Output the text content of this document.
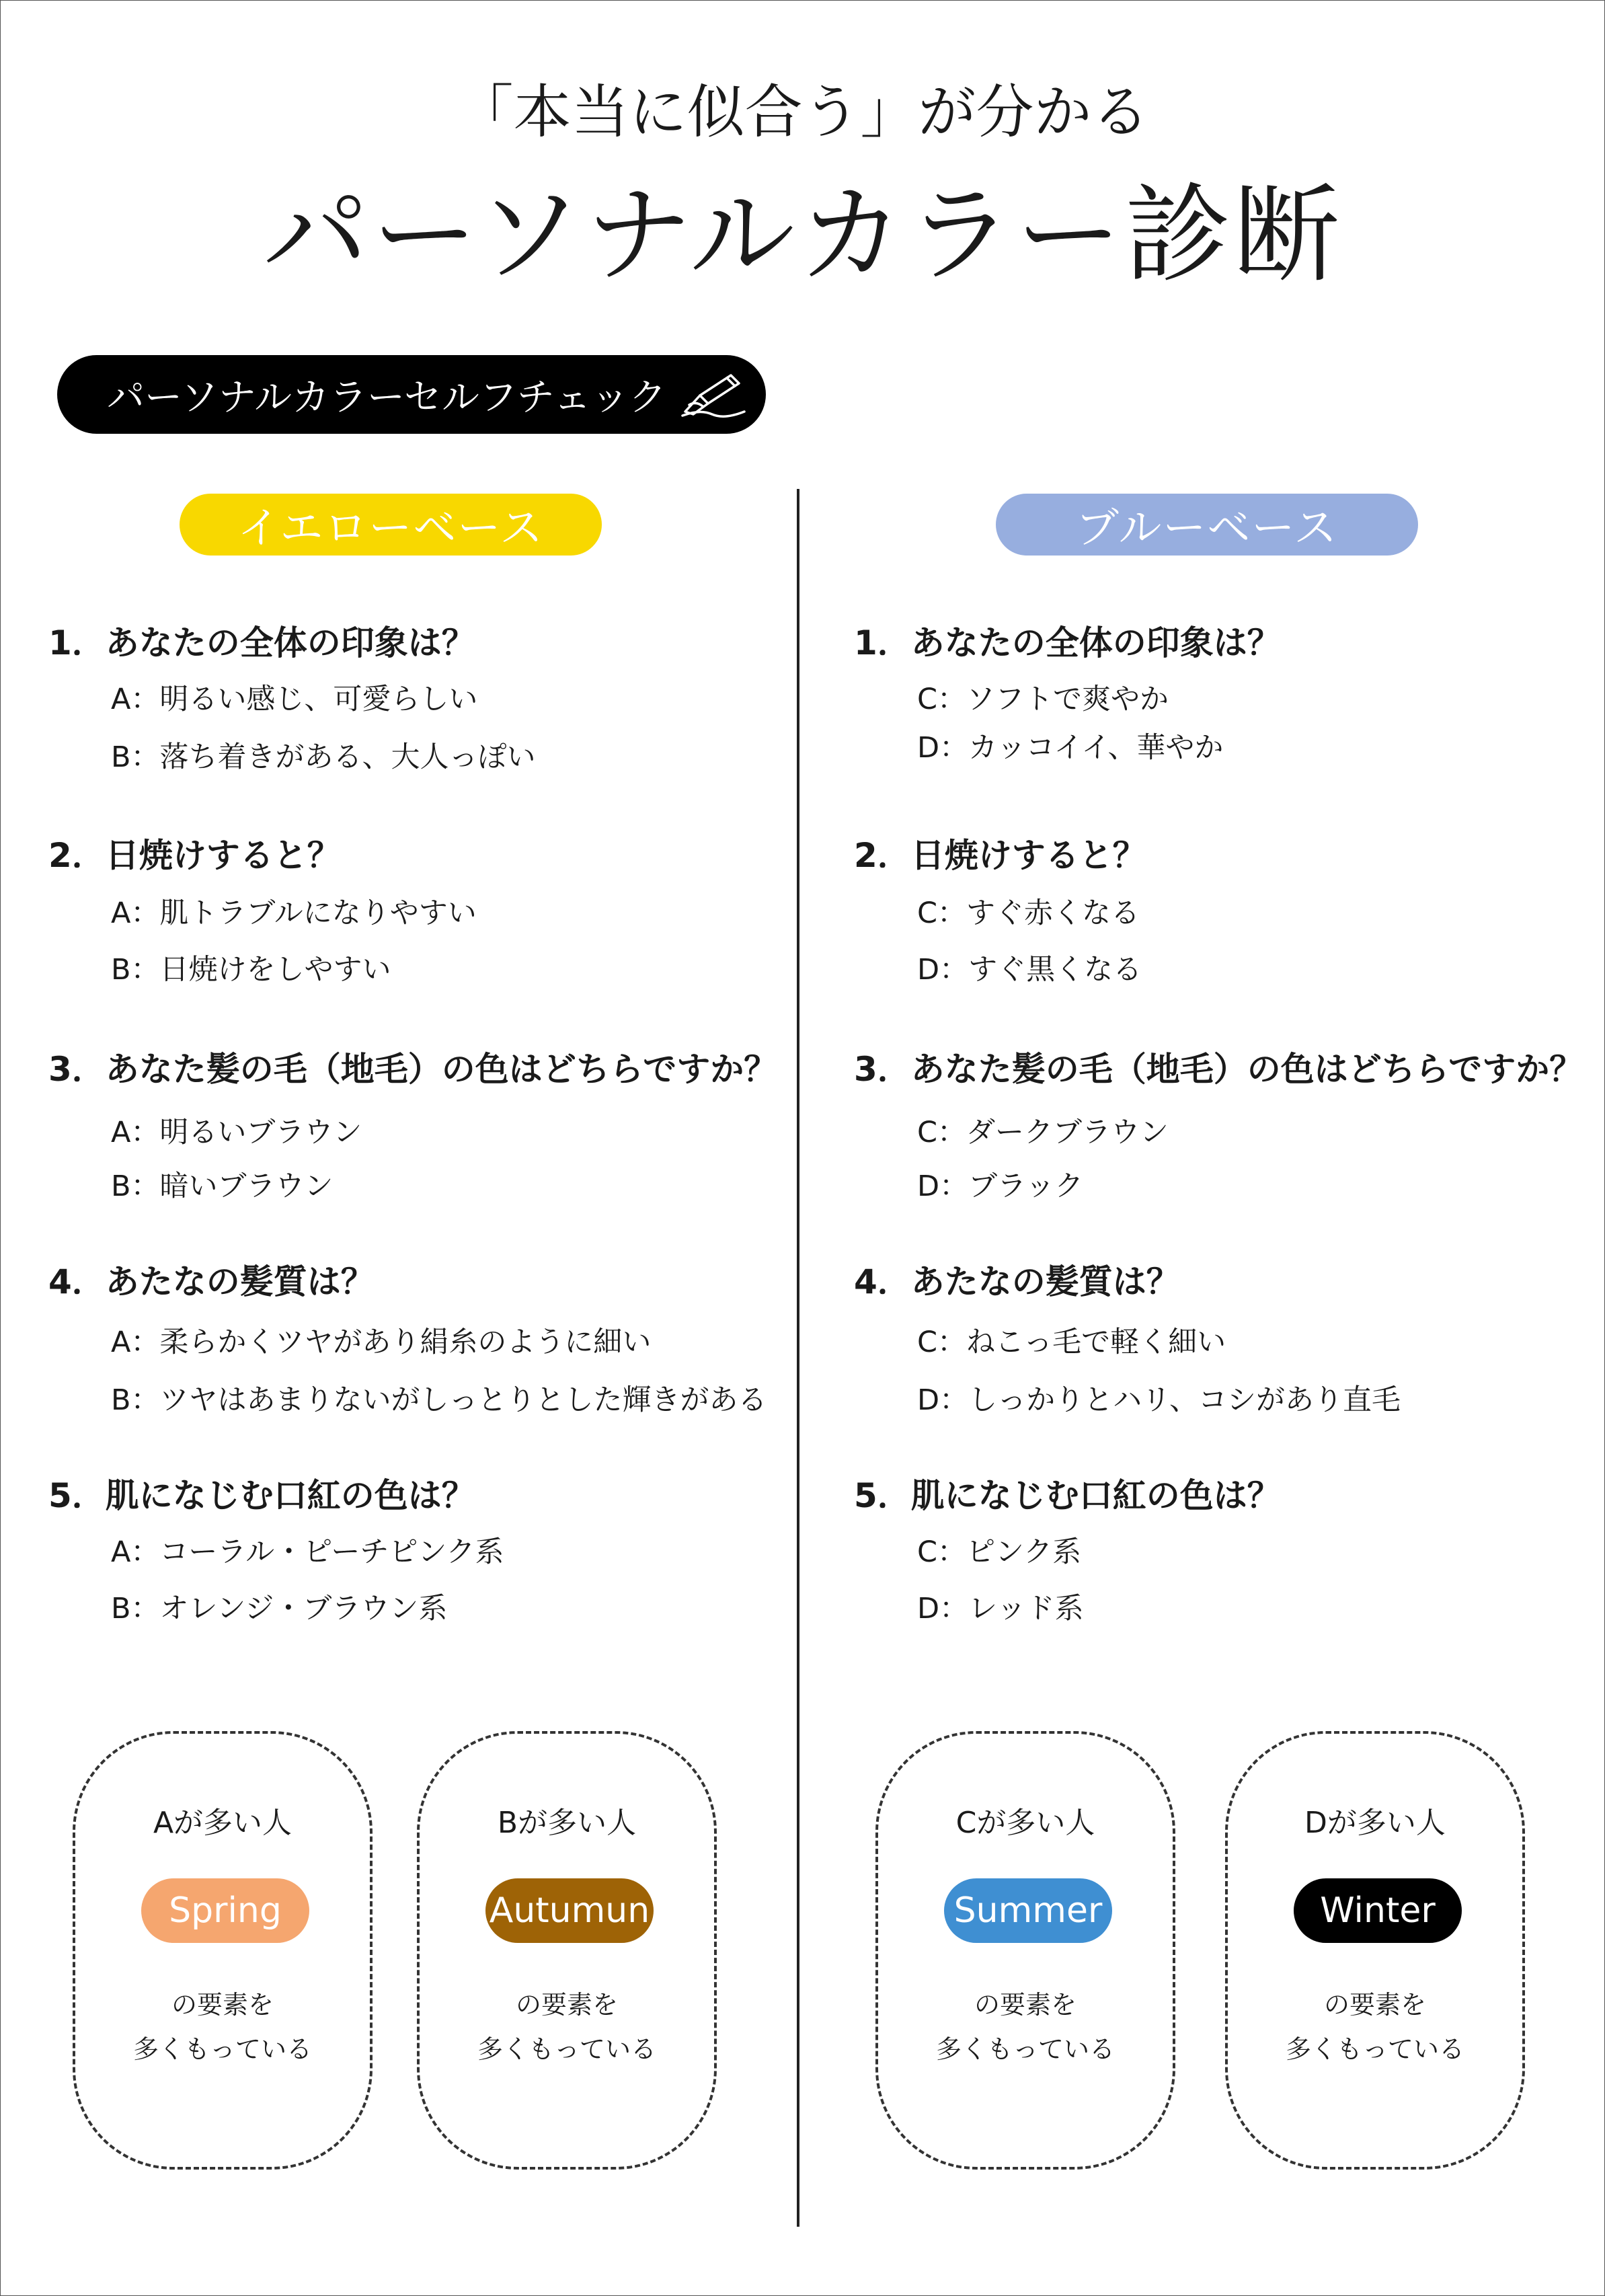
「本当に似合う」が分かる
パーソナルカラー診断
パーソナルカラーセルフチェック
イエローベース	ブルーベース
1．あなたの全体の印象は？
A：明るい感じ、可愛らしい
B：落ち着きがある、大人っぽい
2．日焼けすると？
A：肌トラブルになりやすい
B：日焼けをしやすい
3．あなた髪の毛（地毛）の色はどちらですか？
A：明るいブラウン
B：暗いブラウン
4．あたなの髪質は？
A：柔らかくツヤがあり絹糸のように細い
B：ツヤはあまりないがしっとりとした輝きがある
5．肌になじむ口紅の色は？
A：コーラル・ピーチピンク系
B：オレンジ・ブラウン系
1．あなたの全体の印象は？
C：ソフトで爽やか
D：カッコイイ、華やか
2．日焼けすると？
C：すぐ赤くなる
D：すぐ黒くなる
3．あなた髪の毛（地毛）の色はどちらですか？
C：ダークブラウン
D：ブラック
4．あたなの髪質は？
C：ねこっ毛で軽く細い
D：しっかりとハリ、コシがあり直毛
5．肌になじむ口紅の色は？
C：ピンク系
D：レッド系
Aが多い人
Spring
の要素を
多くもっている
Bが多い人
Autumun
の要素を
多くもっている
Cが多い人
Summer
の要素を
多くもっている
Dが多い人
Winter
の要素を
多くもっている
